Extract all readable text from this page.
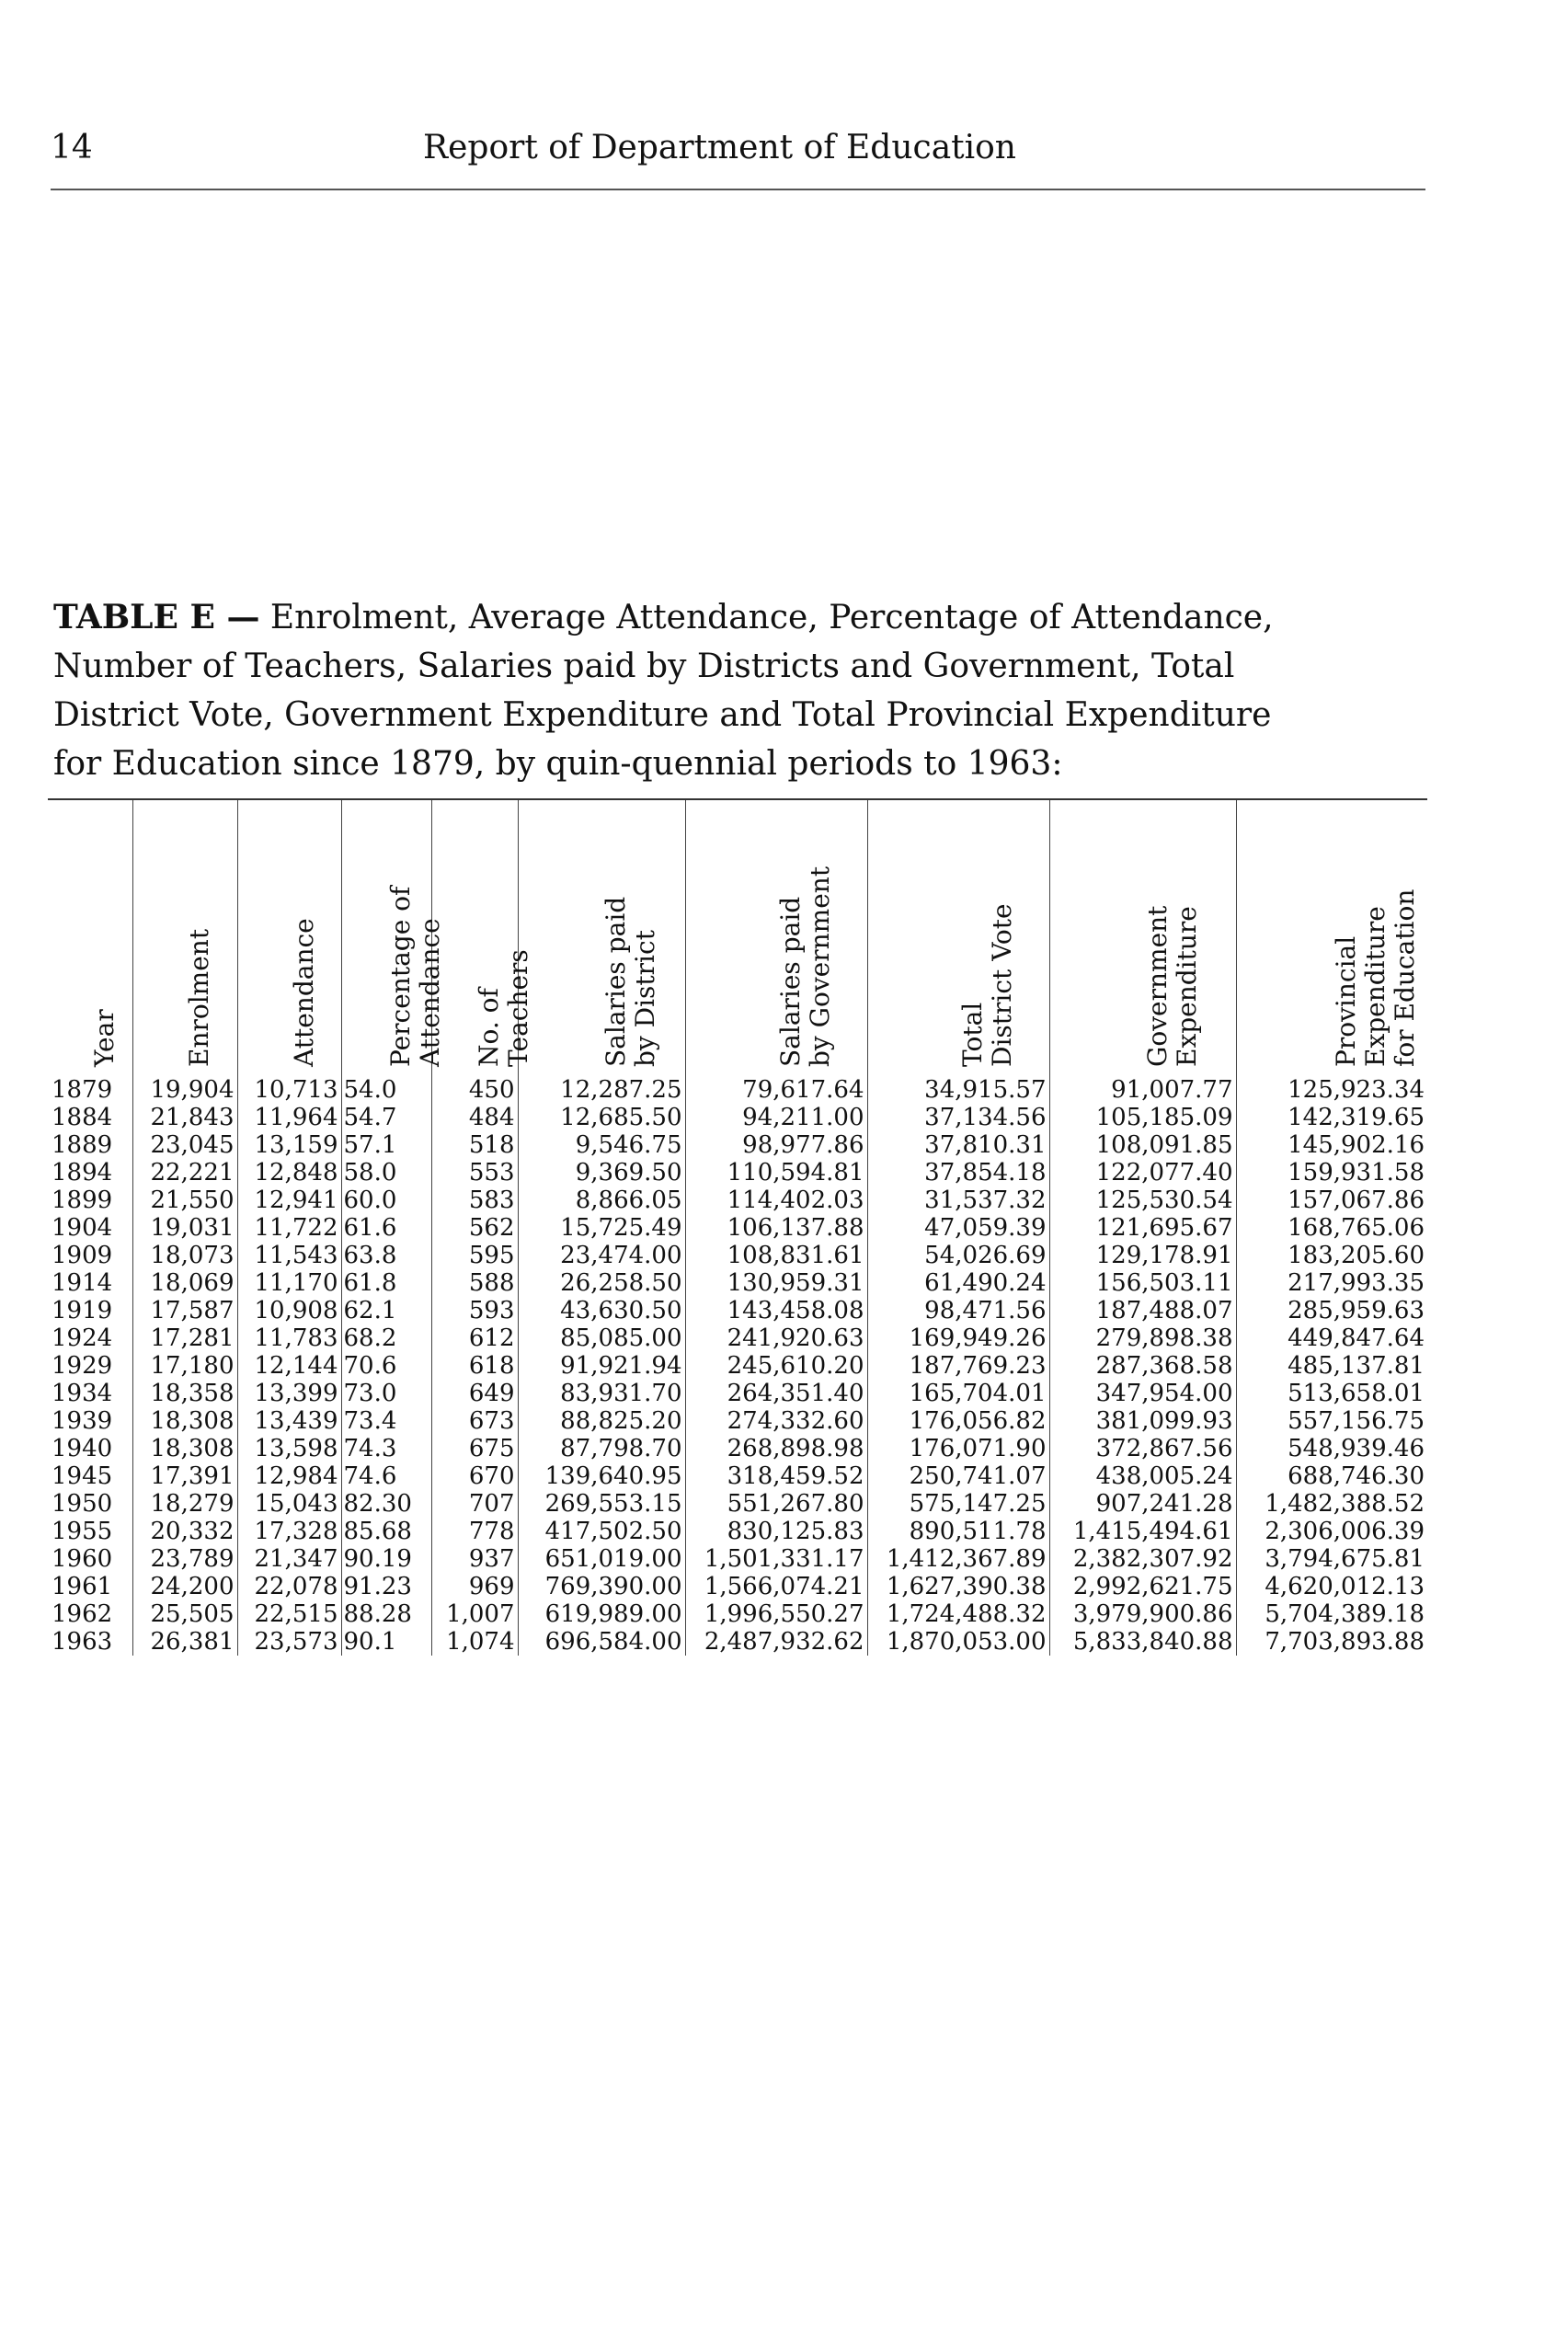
14	Report of Department of Education
TABLE E — Enrolment, Average Attendance, Percentage of Attendance,
Number of Teachers, Salaries paid by Districts and Government, Total
District Vote, Government Expenditure and Total Provincial Expenditure
for Education since 1879, by quin-quennial periods to 1963:
Year	Enrolment	Attendance	Percentage of Attendance	No. of Teachers	Salaries paid by District	Salaries paid by Government	Total District Vote	Government Expenditure	Provincial Expenditure for Education

1879	19,904	10,713	54.0	450	12,287.25	79,617.64	34,915.57	91,007.77	125,923.34
1884	21,843	11,964	54.7	484	12,685.50	94,211.00	37,134.56	105,185.09	142,319.65
1889	23,045	13,159	57.1	518	9,546.75	98,977.86	37,810.31	108,091.85	145,902.16
1894	22,221	12,848	58.0	553	9,369.50	110,594.81	37,854.18	122,077.40	159,931.58
1899	21,550	12,941	60.0	583	8,866.05	114,402.03	31,537.32	125,530.54	157,067.86
1904	19,031	11,722	61.6	562	15,725.49	106,137.88	47,059.39	121,695.67	168,765.06
1909	18,073	11,543	63.8	595	23,474.00	108,831.61	54,026.69	129,178.91	183,205.60
1914	18,069	11,170	61.8	588	26,258.50	130,959.31	61,490.24	156,503.11	217,993.35
1919	17,587	10,908	62.1	593	43,630.50	143,458.08	98,471.56	187,488.07	285,959.63
1924	17,281	11,783	68.2	612	85,085.00	241,920.63	169,949.26	279,898.38	449,847.64
1929	17,180	12,144	70.6	618	91,921.94	245,610.20	187,769.23	287,368.58	485,137.81
1934	18,358	13,399	73.0	649	83,931.70	264,351.40	165,704.01	347,954.00	513,658.01
1939	18,308	13,439	73.4	673	88,825.20	274,332.60	176,056.82	381,099.93	557,156.75
1940	18,308	13,598	74.3	675	87,798.70	268,898.98	176,071.90	372,867.56	548,939.46
1945	17,391	12,984	74.6	670	139,640.95	318,459.52	250,741.07	438,005.24	688,746.30
1950	18,279	15,043	82.30	707	269,553.15	551,267.80	575,147.25	907,241.28	1,482,388.52
1955	20,332	17,328	85.68	778	417,502.50	830,125.83	890,511.78	1,415,494.61	2,306,006.39
1960	23,789	21,347	90.19	937	651,019.00	1,501,331.17	1,412,367.89	2,382,307.92	3,794,675.81
1961	24,200	22,078	91.23	969	769,390.00	1,566,074.21	1,627,390.38	2,992,621.75	4,620,012.13
1962	25,505	22,515	88.28	1,007	619,989.00	1,996,550.27	1,724,488.32	3,979,900.86	5,704,389.18
1963	26,381	23,573	90.1	1,074	696,584.00	2,487,932.62	1,870,053.00	5,833,840.88	7,703,893.88
